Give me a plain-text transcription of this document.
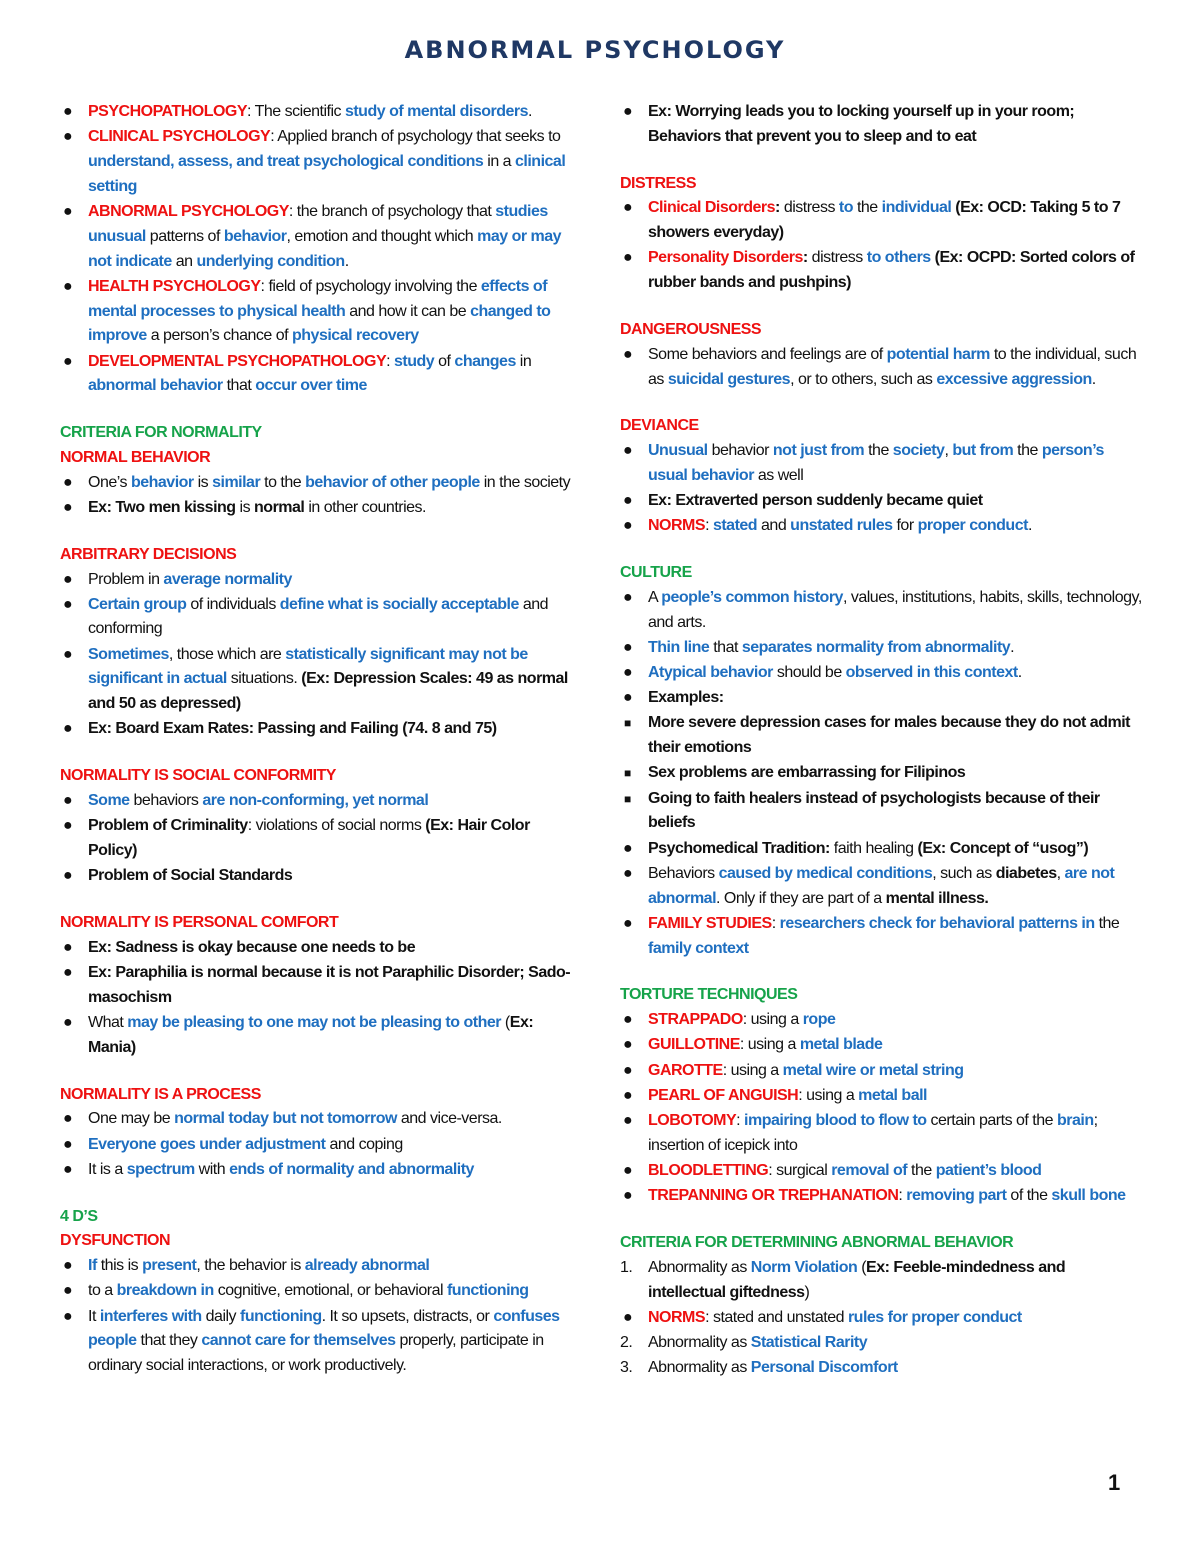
ABNORMAL PSYCHOLOGY
● PSYCHOPATHOLOGY: The scientific study of mental disorders.
● CLINICAL PSYCHOLOGY: Applied branch of psychology that seeks to understand, assess, and treat psychological conditions in a clinical setting
● ABNORMAL PSYCHOLOGY: the branch of psychology that studies unusual patterns of behavior, emotion and thought which may or may not indicate an underlying condition.
● HEALTH PSYCHOLOGY: field of psychology involving the effects of mental processes to physical health and how it can be changed to improve a person’s chance of physical recovery
● DEVELOPMENTAL PSYCHOPATHOLOGY: study of changes in abnormal behavior that occur over time

CRITERIA FOR NORMALITY

NORMAL BEHAVIOR

● One’s behavior is similar to the behavior of other people in the society
● Ex: Two men kissing is normal in other countries.

ARBITRARY DECISIONS

● Problem in average normality
● Certain group of individuals define what is socially acceptable and conforming
● Sometimes, those which are statistically significant may not be significant in actual situations. (Ex: Depression Scales: 49 as normal and 50 as depressed)
● Ex: Board Exam Rates: Passing and Failing (74. 8 and 75)

NORMALITY IS SOCIAL CONFORMITY

● Some behaviors are non-conforming, yet normal
● Problem of Criminality: violations of social norms (Ex: Hair Color Policy)
● Problem of Social Standards

NORMALITY IS PERSONAL COMFORT

● Ex: Sadness is okay because one needs to be
● Ex: Paraphilia is normal because it is not Paraphilic Disorder; Sado-masochism
● What may be pleasing to one may not be pleasing to other (Ex: Mania)

NORMALITY IS A PROCESS

● One may be normal today but not tomorrow and vice-versa.
● Everyone goes under adjustment and coping
● It is a spectrum with ends of normality and abnormality

4 D’S

DYSFUNCTION

● If this is present, the behavior is already abnormal
● to a breakdown in cognitive, emotional, or behavioral functioning
● It interferes with daily functioning. It so upsets, distracts, or confuses people that they cannot care for themselves properly, participate in ordinary social interactions, or work productively.
● Ex: Worrying leads you to locking yourself up in your room; Behaviors that prevent you to sleep and to eat

DISTRESS

● Clinical Disorders: distress to the individual (Ex: OCD: Taking 5 to 7 showers everyday)
● Personality Disorders: distress to others (Ex: OCPD: Sorted colors of rubber bands and pushpins)

DANGEROUSNESS

● Some behaviors and feelings are of potential harm to the individual, such as suicidal gestures, or to others, such as excessive aggression.

DEVIANCE

● Unusual behavior not just from the society, but from the person’s usual behavior as well
● Ex: Extraverted person suddenly became quiet
● NORMS: stated and unstated rules for proper conduct.

CULTURE

● A people’s common history, values, institutions, habits, skills, technology, and arts.
● Thin line that separates normality from abnormality.
● Atypical behavior should be observed in this context.
● Examples:
■ More severe depression cases for males because they do not admit their emotions
■ Sex problems are embarrassing for Filipinos
■ Going to faith healers instead of psychologists because of their beliefs
● Psychomedical Tradition: faith healing (Ex: Concept of “usog”)
● Behaviors caused by medical conditions, such as diabetes, are not abnormal. Only if they are part of a mental illness.
● FAMILY STUDIES: researchers check for behavioral patterns in the family context

TORTURE TECHNIQUES

● STRAPPADO: using a rope
● GUILLOTINE: using a metal blade
● GAROTTE: using a metal wire or metal string
● PEARL OF ANGUISH: using a metal ball
● LOBOTOMY: impairing blood to flow to certain parts of the brain; insertion of icepick into
● BLOODLETTING: surgical removal of the patient’s blood
● TREPANNING OR TREPHANATION: removing part of the skull bone

CRITERIA FOR DETERMINING ABNORMAL BEHAVIOR

1. Abnormality as Norm Violation (Ex: Feeble-mindedness and intellectual giftedness)
● NORMS: stated and unstated rules for proper conduct
2. Abnormality as Statistical Rarity
3. Abnormality as Personal Discomfort
1
